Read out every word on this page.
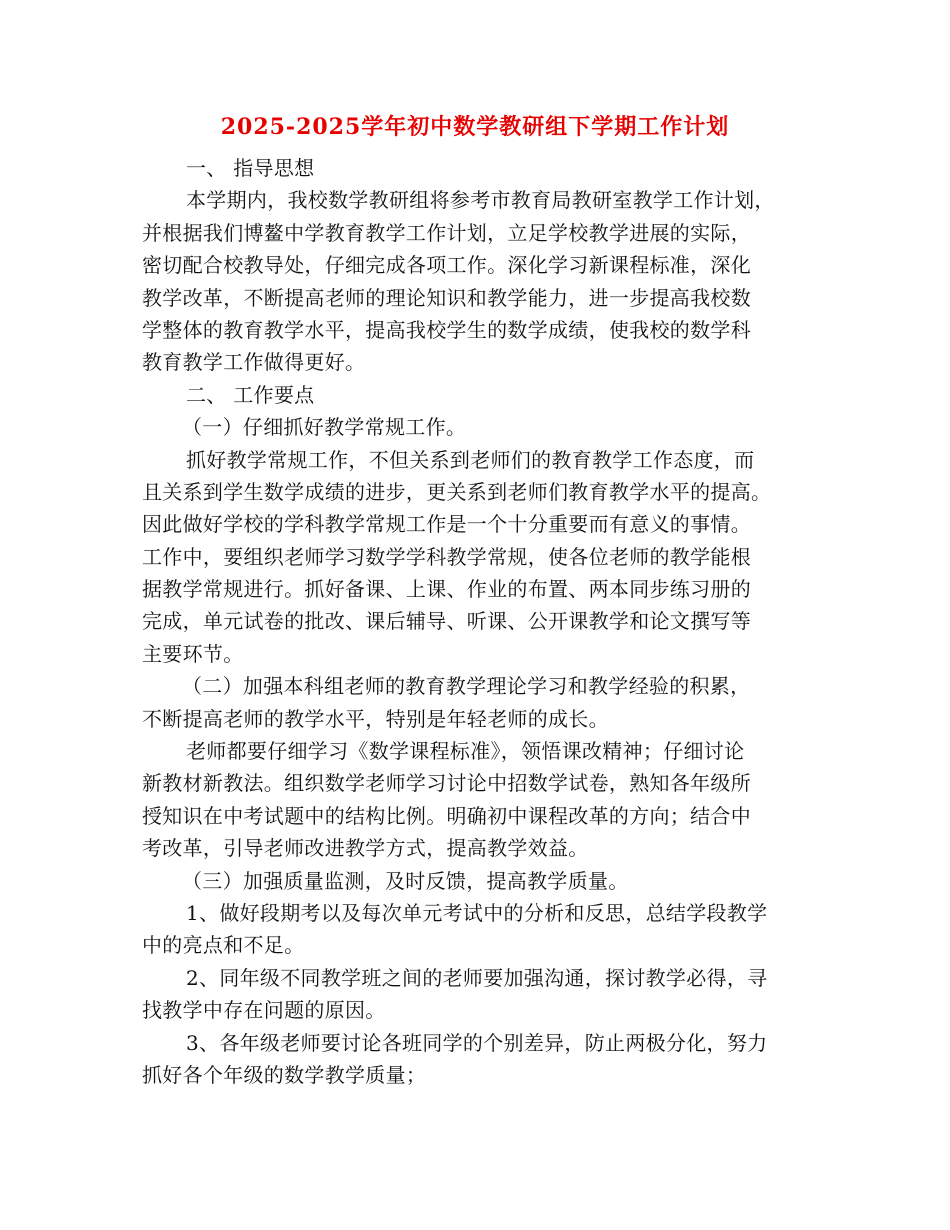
2025-2025学年初中数学教研组下学期工作计划
一、 指导思想
本学期内，我校数学教研组将参考市教育局教研室教学工作计划，
并根据我们博鳌中学教育教学工作计划，立足学校教学进展的实际，
密切配合校教导处，仔细完成各项工作。深化学习新课程标准，深化
教学改革，不断提高老师的理论知识和教学能力，进一步提高我校数
学整体的教育教学水平，提高我校学生的数学成绩，使我校的数学科
教育教学工作做得更好。
二、 工作要点
（一）仔细抓好教学常规工作。
抓好教学常规工作，不但关系到老师们的教育教学工作态度，而
且关系到学生数学成绩的进步，更关系到老师们教育教学水平的提高。
因此做好学校的学科教学常规工作是一个十分重要而有意义的事情。
工作中，要组织老师学习数学学科教学常规，使各位老师的教学能根
据教学常规进行。抓好备课、上课、作业的布置、两本同步练习册的
完成，单元试卷的批改、课后辅导、听课、公开课教学和论文撰写等
主要环节。
（二）加强本科组老师的教育教学理论学习和教学经验的积累，
不断提高老师的教学水平，特别是年轻老师的成长。
老师都要仔细学习《数学课程标准》，领悟课改精神；仔细讨论
新教材新教法。组织数学老师学习讨论中招数学试卷，熟知各年级所
授知识在中考试题中的结构比例。明确初中课程改革的方向；结合中
考改革，引导老师改进教学方式，提高教学效益。
（三）加强质量监测，及时反馈，提高教学质量。
1、做好段期考以及每次单元考试中的分析和反思，总结学段教学
中的亮点和不足。
2、同年级不同教学班之间的老师要加强沟通，探讨教学必得，寻
找教学中存在问题的原因。
3、各年级老师要讨论各班同学的个别差异，防止两极分化，努力
抓好各个年级的数学教学质量；
